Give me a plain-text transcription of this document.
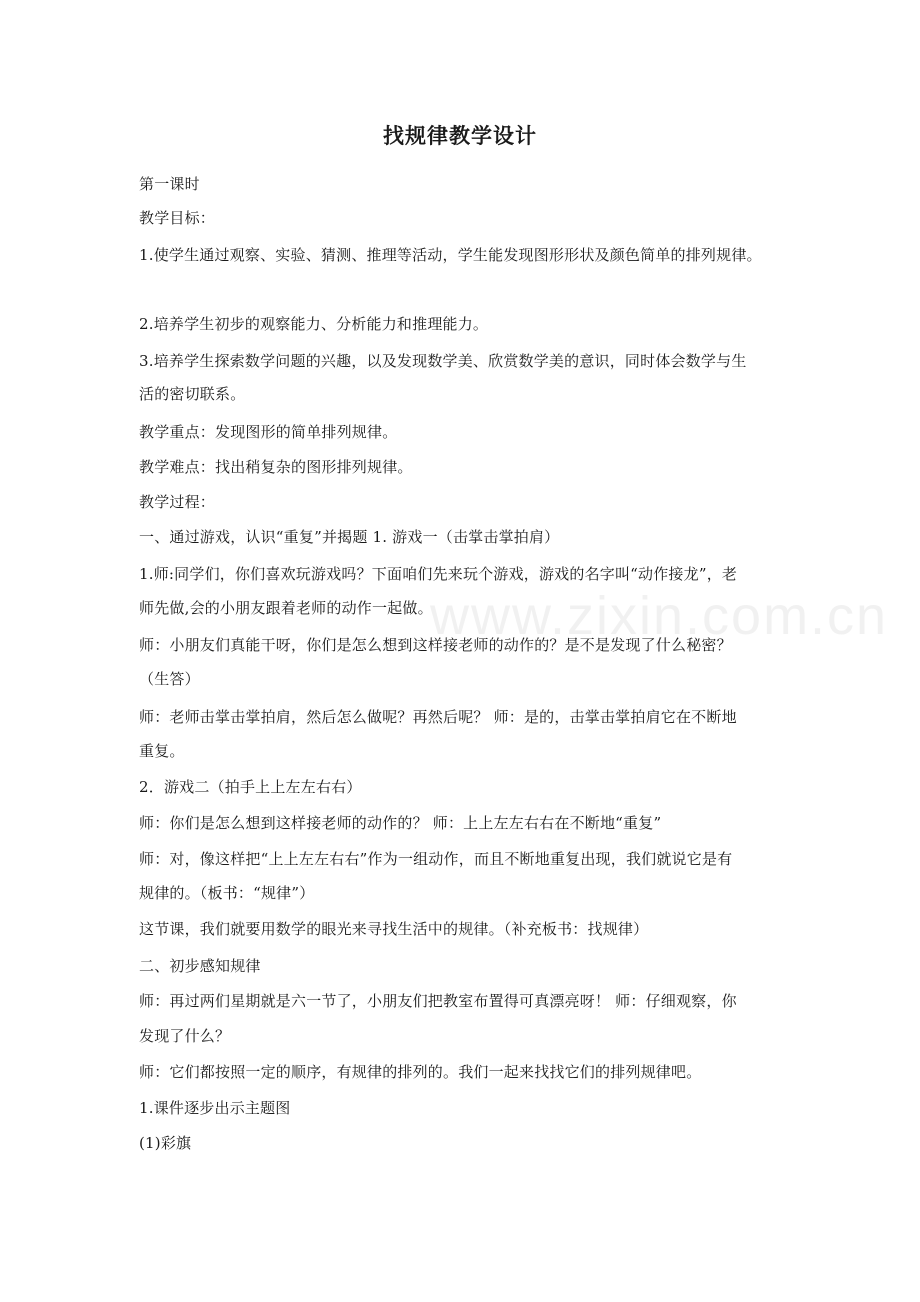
www.zixin.com.cn
找规律教学设计
第一课时
教学目标：
1.使学生通过观察、实验、猜测、推理等活动，学生能发现图形形状及颜色简单的排列规律。
2.培养学生初步的观察能力、分析能力和推理能力。
3.培养学生探索数学问题的兴趣，以及发现数学美、欣赏数学美的意识，同时体会数学与生
活的密切联系。
教学重点：发现图形的简单排列规律。
教学难点：找出稍复杂的图形排列规律。
教学过程：
一、通过游戏，认识“重复”并揭题 1. 游戏一（击掌击掌拍肩）
1.师:同学们，你们喜欢玩游戏吗？下面咱们先来玩个游戏，游戏的名字叫“动作接龙”，老
师先做,会的小朋友跟着老师的动作一起做。
师：小朋友们真能干呀，你们是怎么想到这样接老师的动作的？是不是发现了什么秘密？
（生答）
师：老师击掌击掌拍肩，然后怎么做呢？再然后呢？ 师：是的，击掌击掌拍肩它在不断地
重复。
2．游戏二（拍手上上左左右右）
师：你们是怎么想到这样接老师的动作的？ 师：上上左左右右在不断地“重复”
师：对，像这样把“上上左左右右”作为一组动作，而且不断地重复出现，我们就说它是有
规律的。（板书：“规律”）
这节课，我们就要用数学的眼光来寻找生活中的规律。（补充板书：找规律）
二、初步感知规律
师：再过两们星期就是六一节了，小朋友们把教室布置得可真漂亮呀！ 师：仔细观察，你
发现了什么？
师：它们都按照一定的顺序，有规律的排列的。我们一起来找找它们的排列规律吧。
1.课件逐步出示主题图
(1)彩旗
